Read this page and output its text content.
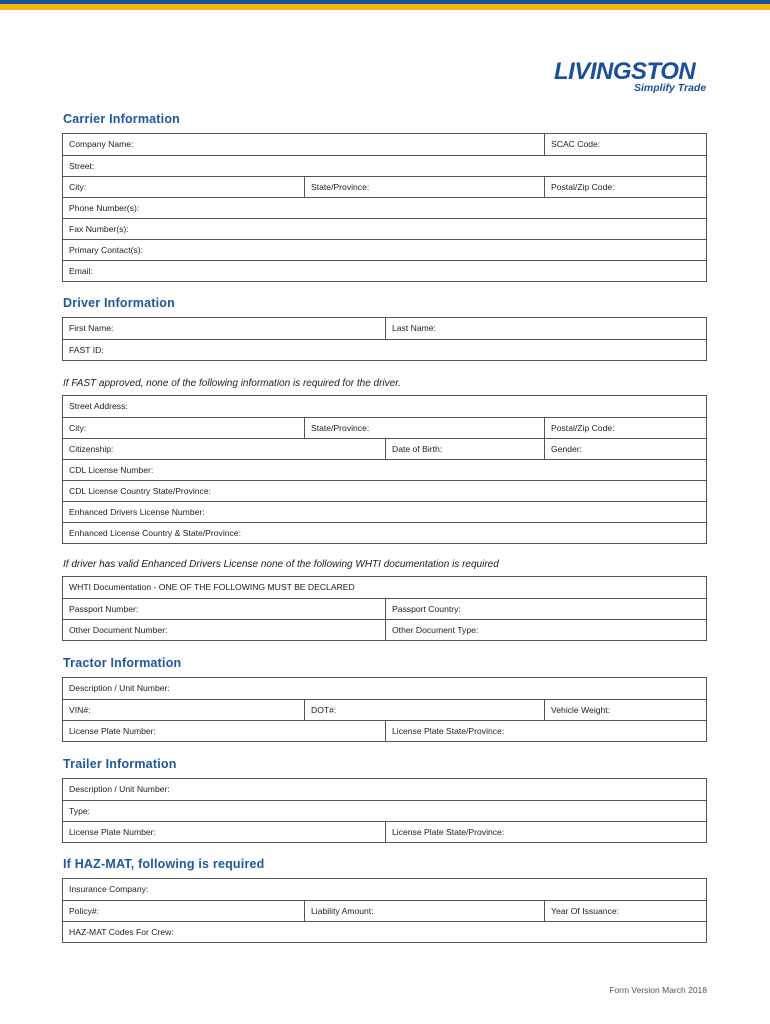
LIVINGSTON
Simplify Trade
Carrier Information
Company Name:	SCAC Code:
Street:
City:	State/Province:	Postal/Zip Code:
Phone Number(s):
Fax Number(s):
Primary Contact(s):
Email:
Driver Information
First Name:	Last Name:
FAST ID:
If FAST approved, none of the following information is required for the driver.
Street Address:
City:	State/Province:	Postal/Zip Code:
Citizenship:	Date of Birth:	Gender:
CDL License Number:
CDL License Country State/Province:
Enhanced Drivers License Number:
Enhanced License Country & State/Province:
If driver has valid Enhanced Drivers License none of the following WHTI documentation is required
WHTI Documentation - ONE OF THE FOLLOWING MUST BE DECLARED
Passport Number:	Passport Country:
Other Document Number:	Other Document Type:
Tractor Information
Description / Unit Number:
VIN#:	DOT#:	Vehicle Weight:
License Plate Number:	License Plate State/Province:
Trailer Information
Description / Unit Number:
Type:
License Plate Number:	License Plate State/Province:
If HAZ-MAT, following is required
Insurance Company:
Policy#:	Liability Amount:	Year Of Issuance:
HAZ-MAT Codes For Crew:
Form Version March 2018
